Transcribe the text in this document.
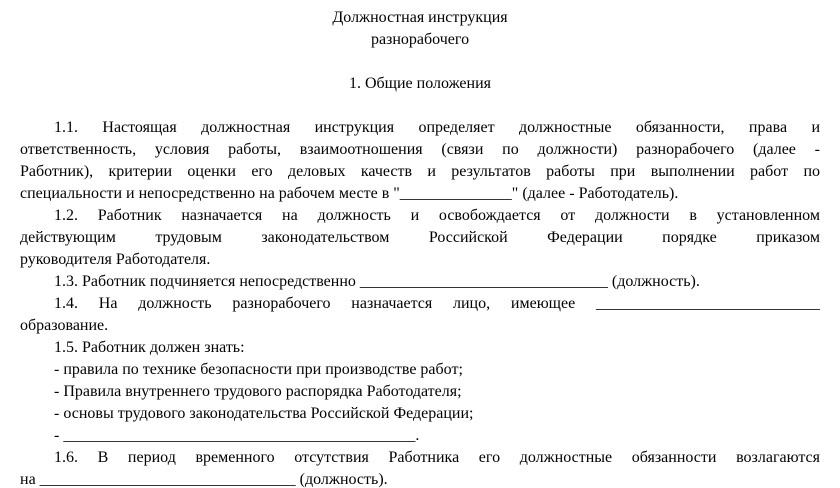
Должностная инструкция
разнорабочего
1. Общие положения
1.1. Настоящая должностная инструкция определяет должностные обязанности, права и
ответственность, условия работы, взаимоотношения (связи по должности) разнорабочего (далее -
Работник), критерии оценки его деловых качеств и результатов работы при выполнении работ по
специальности и непосредственно на рабочем месте в "______________" (далее - Работодатель).
1.2. Работник назначается на должность и освобождается от должности в установленном
действующим трудовым законодательством Российской Федерации порядке приказом
руководителя Работодателя.
1.3. Работник подчиняется непосредственно _______________________________ (должность).
1.4. На должность разнорабочего назначается лицо, имеющее ____________________________
образование.
1.5. Работник должен знать:
- правила по технике безопасности при производстве работ;
- Правила внутреннего трудового распорядка Работодателя;
- основы трудового законодательства Российской Федерации;
- ____________________________________________.
1.6. В период временного отсутствия Работника его должностные обязанности возлагаются
на ________________________________ (должность).
